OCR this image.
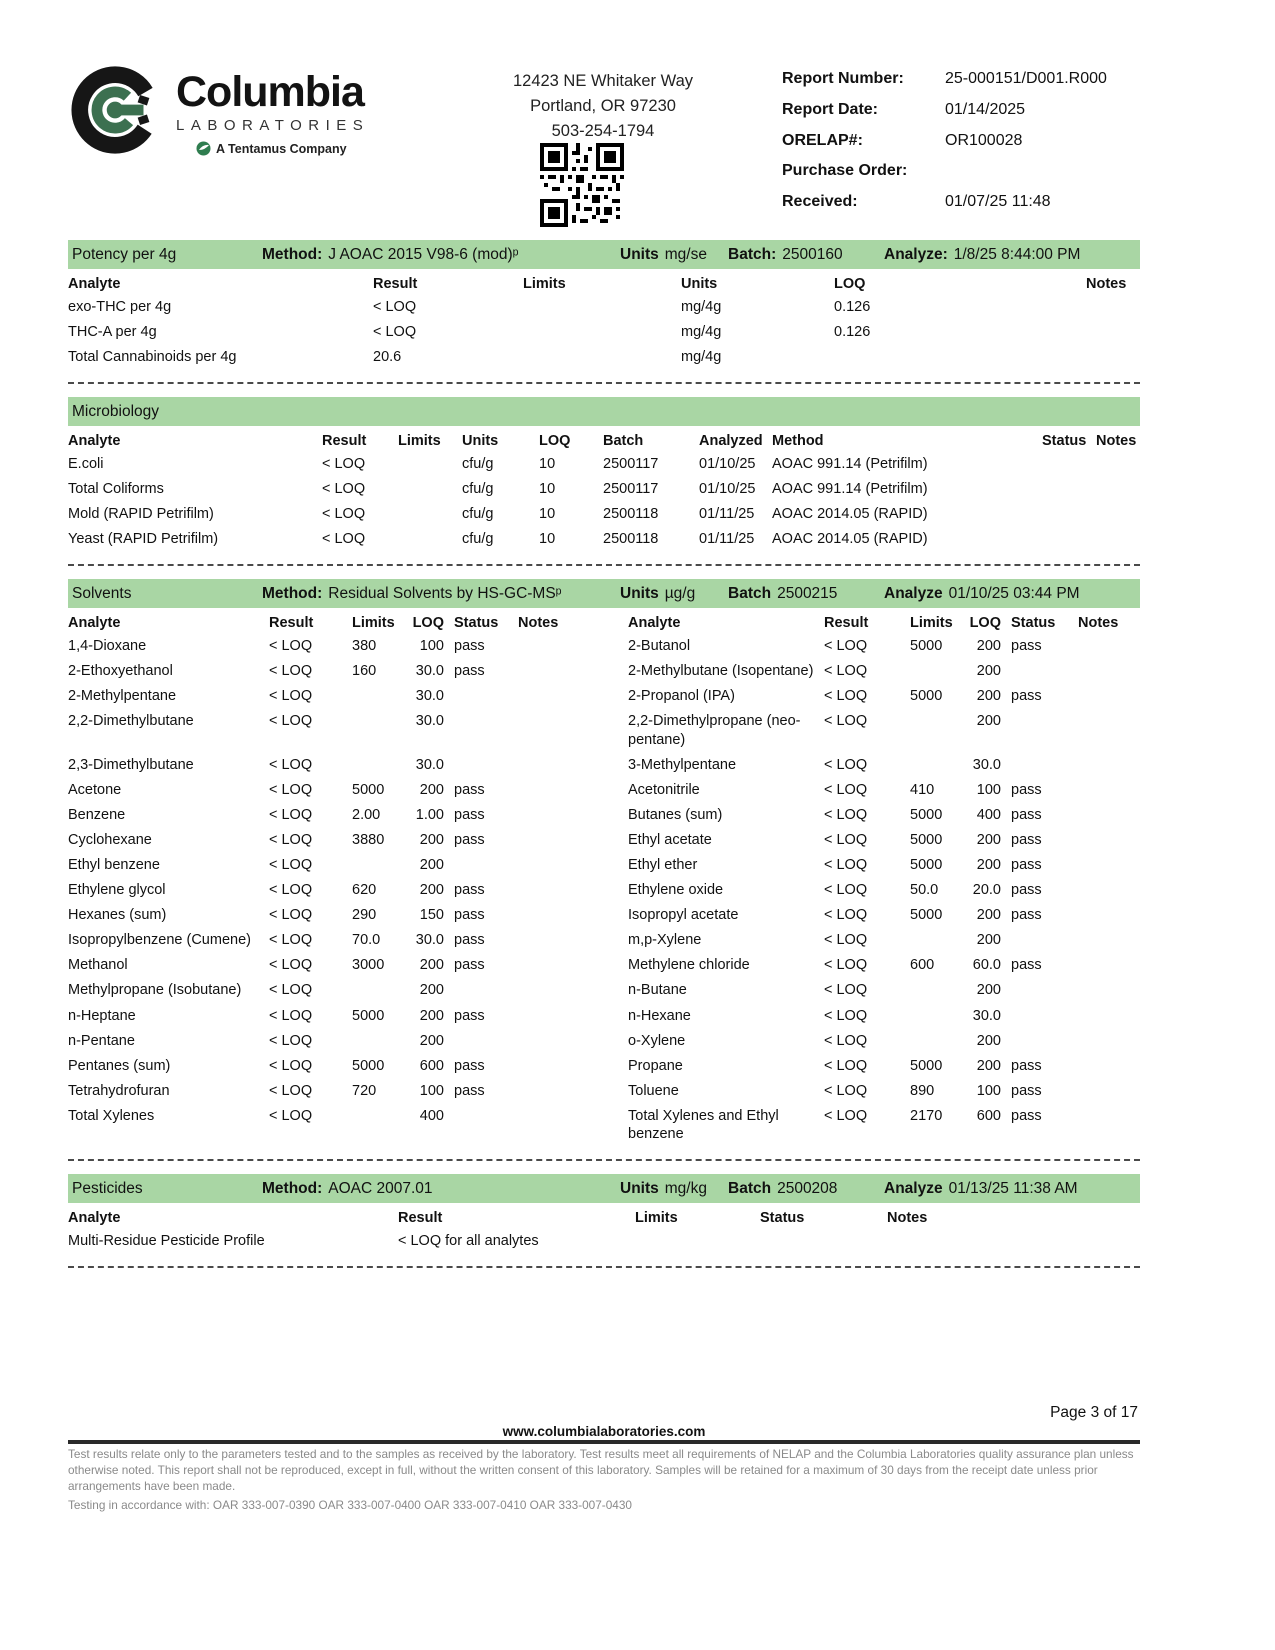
Columbia
LABORATORIES
A Tentamus Company
12423 NE Whitaker Way
Portland, OR 97230
503-254-1794
Report Number:	25-000151/D001.R000
Report Date:	01/14/2025
ORELAP#:	OR100028
Purchase Order:
Received:	01/07/25 11:48
Potency per 4g	Method: J AOAC 2015 V98-6 (mod)ᵖ	Units mg/se Batch: 2500160	Analyze: 1/8/25 8:44:00 PM
Analyte	Result	Limits	Units	LOQ	Notes
exo-THC per 4g	< LOQ		mg/4g	0.126	
THC-A per 4g	< LOQ		mg/4g	0.126	
Total Cannabinoids per 4g	20.6		mg/4g		
Microbiology
Analyte	Result	Limits	Units	LOQ	Batch	Analyzed	Method	Status	Notes
E.coli	< LOQ		cfu/g	10	2500117	01/10/25	AOAC 991.14 (Petrifilm)		
Total Coliforms	< LOQ		cfu/g	10	2500117	01/10/25	AOAC 991.14 (Petrifilm)		
Mold (RAPID Petrifilm)	< LOQ		cfu/g	10	2500118	01/11/25	AOAC 2014.05 (RAPID)		
Yeast (RAPID Petrifilm)	< LOQ		cfu/g	10	2500118	01/11/25	AOAC 2014.05 (RAPID)		
Solvents	Method: Residual Solvents by HS-GC-MSᵖ	Units µg/g Batch 2500215	Analyze 01/10/25 03:44 PM
Analyte	Result	Limits	LOQ	Status	Notes		Analyte	Result	Limits	LOQ	Status	Notes
1,4-Dioxane	< LOQ	380	100	pass			2-Butanol	< LOQ	5000	200	pass	
2-Ethoxyethanol	< LOQ	160	30.0	pass			2-Methylbutane (Isopentane)	< LOQ		200		
2-Methylpentane	< LOQ		30.0				2-Propanol (IPA)	< LOQ	5000	200	pass	
2,2-Dimethylbutane	< LOQ		30.0				2,2-Dimethylpropane (neo-pentane)	< LOQ		200		
2,3-Dimethylbutane	< LOQ		30.0				3-Methylpentane	< LOQ		30.0		
Acetone	< LOQ	5000	200	pass			Acetonitrile	< LOQ	410	100	pass	
Benzene	< LOQ	2.00	1.00	pass			Butanes (sum)	< LOQ	5000	400	pass	
Cyclohexane	< LOQ	3880	200	pass			Ethyl acetate	< LOQ	5000	200	pass	
Ethyl benzene	< LOQ		200				Ethyl ether	< LOQ	5000	200	pass	
Ethylene glycol	< LOQ	620	200	pass			Ethylene oxide	< LOQ	50.0	20.0	pass	
Hexanes (sum)	< LOQ	290	150	pass			Isopropyl acetate	< LOQ	5000	200	pass	
Isopropylbenzene (Cumene)	< LOQ	70.0	30.0	pass			m,p-Xylene	< LOQ		200		
Methanol	< LOQ	3000	200	pass			Methylene chloride	< LOQ	600	60.0	pass	
Methylpropane (Isobutane)	< LOQ		200				n-Butane	< LOQ		200		
n-Heptane	< LOQ	5000	200	pass			n-Hexane	< LOQ		30.0		
n-Pentane	< LOQ		200				o-Xylene	< LOQ		200		
Pentanes (sum)	< LOQ	5000	600	pass			Propane	< LOQ	5000	200	pass	
Tetrahydrofuran	< LOQ	720	100	pass			Toluene	< LOQ	890	100	pass	
Total Xylenes	< LOQ		400				Total Xylenes and Ethyl benzene	< LOQ	2170	600	pass	
Pesticides	Method: AOAC 2007.01	Units mg/kg Batch 2500208	Analyze 01/13/25 11:38 AM
Analyte	Result	Limits	Status	Notes
Multi-Residue Pesticide Profile	< LOQ for all analytes			
Page 3 of 17
www.columbialaboratories.com

Test results relate only to the parameters tested and to the samples as received by the laboratory. Test results meet all requirements of NELAP and the Columbia Laboratories quality assurance plan unless otherwise noted. This report shall not be reproduced, except in full, without the written consent of this laboratory. Samples will be retained for a maximum of 30 days from the receipt date unless prior arrangements have been made.

Testing in accordance with: OAR 333-007-0390 OAR 333-007-0400 OAR 333-007-0410 OAR 333-007-0430
